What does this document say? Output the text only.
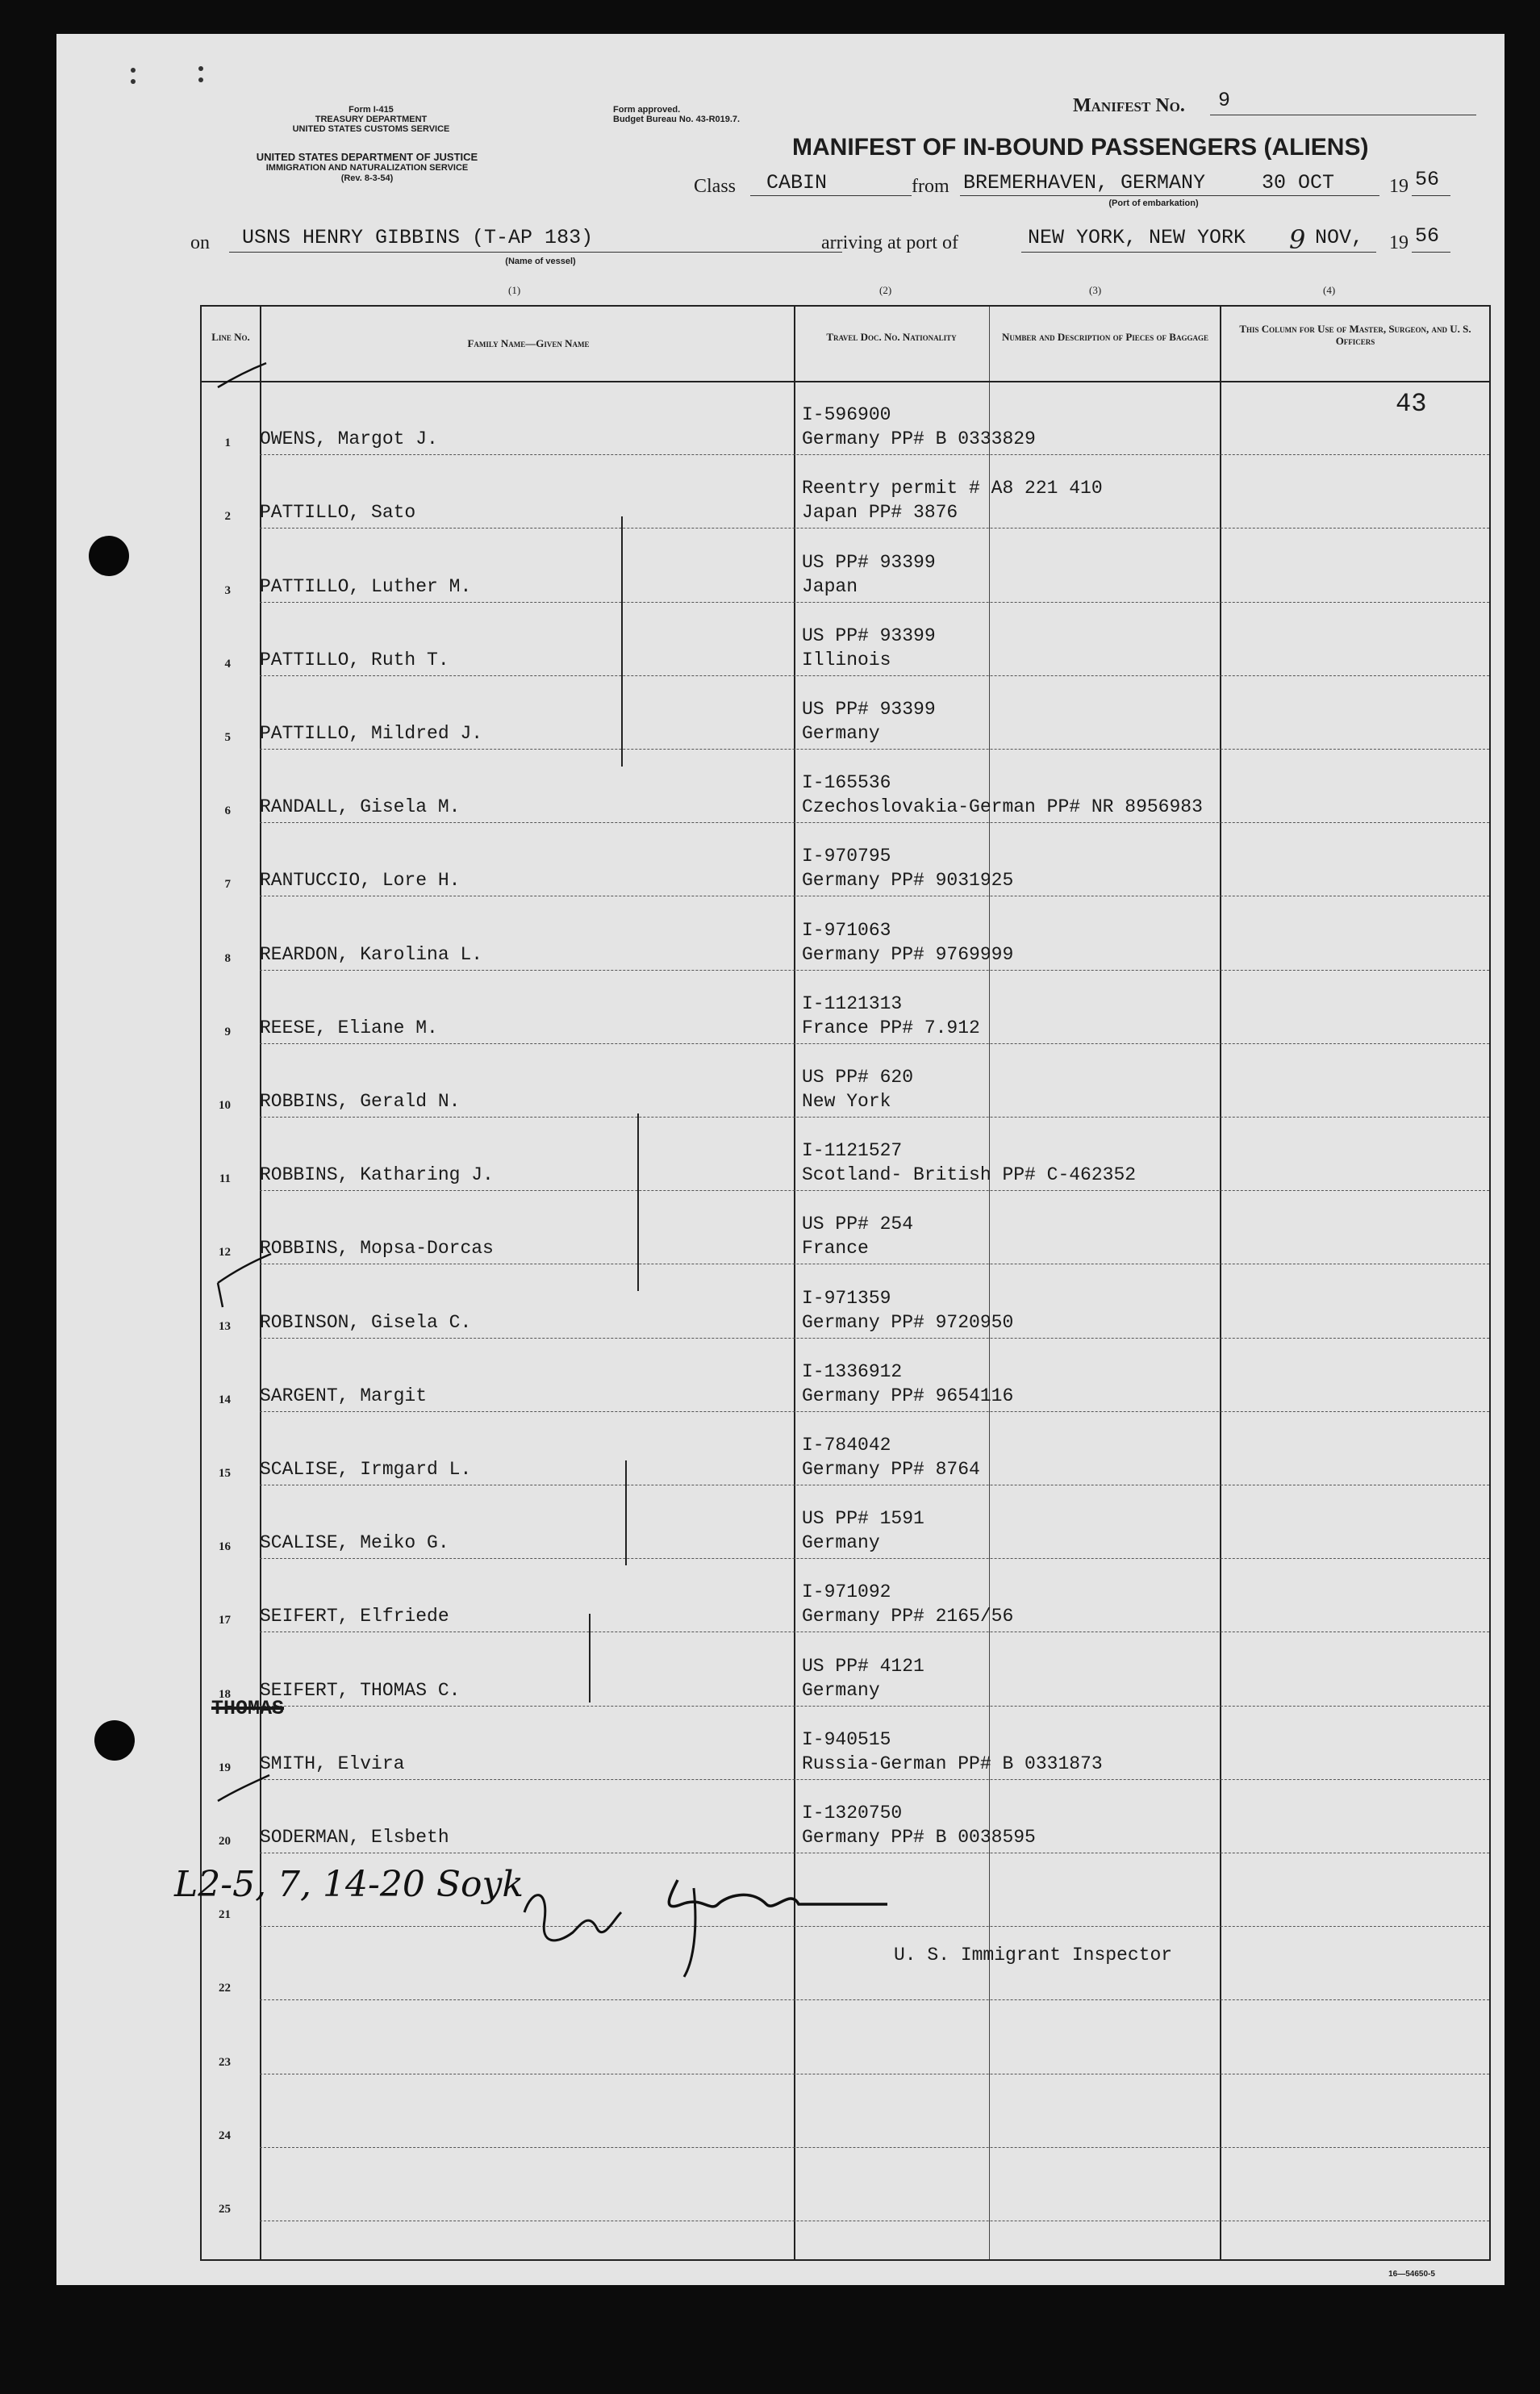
Form I-415
TREASURY DEPARTMENT
UNITED STATES CUSTOMS SERVICE
UNITED STATES DEPARTMENT OF JUSTICE
IMMIGRATION AND NATURALIZATION SERVICE
(Rev. 8-3-54)
Form approved.
Budget Bureau No. 43-R019.7.
Manifest No. 9
MANIFEST OF IN-BOUND PASSENGERS (ALIENS)
Class CABIN	from BREMERHAVEN, GERMANY	30 OCT	19 56
(Port of embarkation)
on USNS HENRY GIBBINS (T-AP 183)
(Name of vessel)
arriving at port of	NEW YORK, NEW YORK 9 NOV, 19 56
(1)	(2)	(3)	(4)
Line No.
Family Name—Given Name
Travel Doc. No. Nationality	Number and Description of Pieces of Baggage
This Column for Use of Master, Surgeon, and U. S. Officers
1 OWENS, Margot J.
I-596900
Germany PP# B 0333829
2 PATTILLO, Sato
Reentry permit # A8 221 410
Japan PP# 3876
3 PATTILLO, Luther M.
US PP# 93399
Japan
4 PATTILLO, Ruth T.
US PP# 93399
Illinois
5 PATTILLO, Mildred J.
US PP# 93399
Germany
6 RANDALL, Gisela M.
I-165536
Czechoslovakia-German PP# NR 8956983
7 RANTUCCIO, Lore H.
I-970795
Germany PP# 9031925
8 REARDON, Karolina L.
I-971063
Germany PP# 9769999
9 REESE, Eliane M.
I-1121313
France PP# 7.912
10 ROBBINS, Gerald N.
US PP# 620
New York
11 ROBBINS, Katharing J.
I-1121527
Scotland- British PP# C-462352
12 ROBBINS, Mopsa-Dorcas
US PP# 254
France
13 ROBINSON, Gisela C.
I-971359
Germany PP# 9720950
14 SARGENT, Margit
I-1336912
Germany PP# 9654116
15 SCALISE, Irmgard L.
I-784042
Germany PP# 8764
16 SCALISE, Meiko G.
US PP# 1591
Germany
17 SEIFERT, Elfriede
I-971092
Germany PP# 2165/56
18 SEIFERT, THOMAS C.
US PP# 4121
Germany
19 SMITH, Elvira
I-940515
Russia-German PP# B 0331873
20 SODERMAN, Elsbeth
I-1320750
Germany PP# B 0038595
21
22
23
24
25
43
THOMAS
L2-5, 7, 14-20 Soyk
U. S. Immigrant Inspector
16—54650-5
